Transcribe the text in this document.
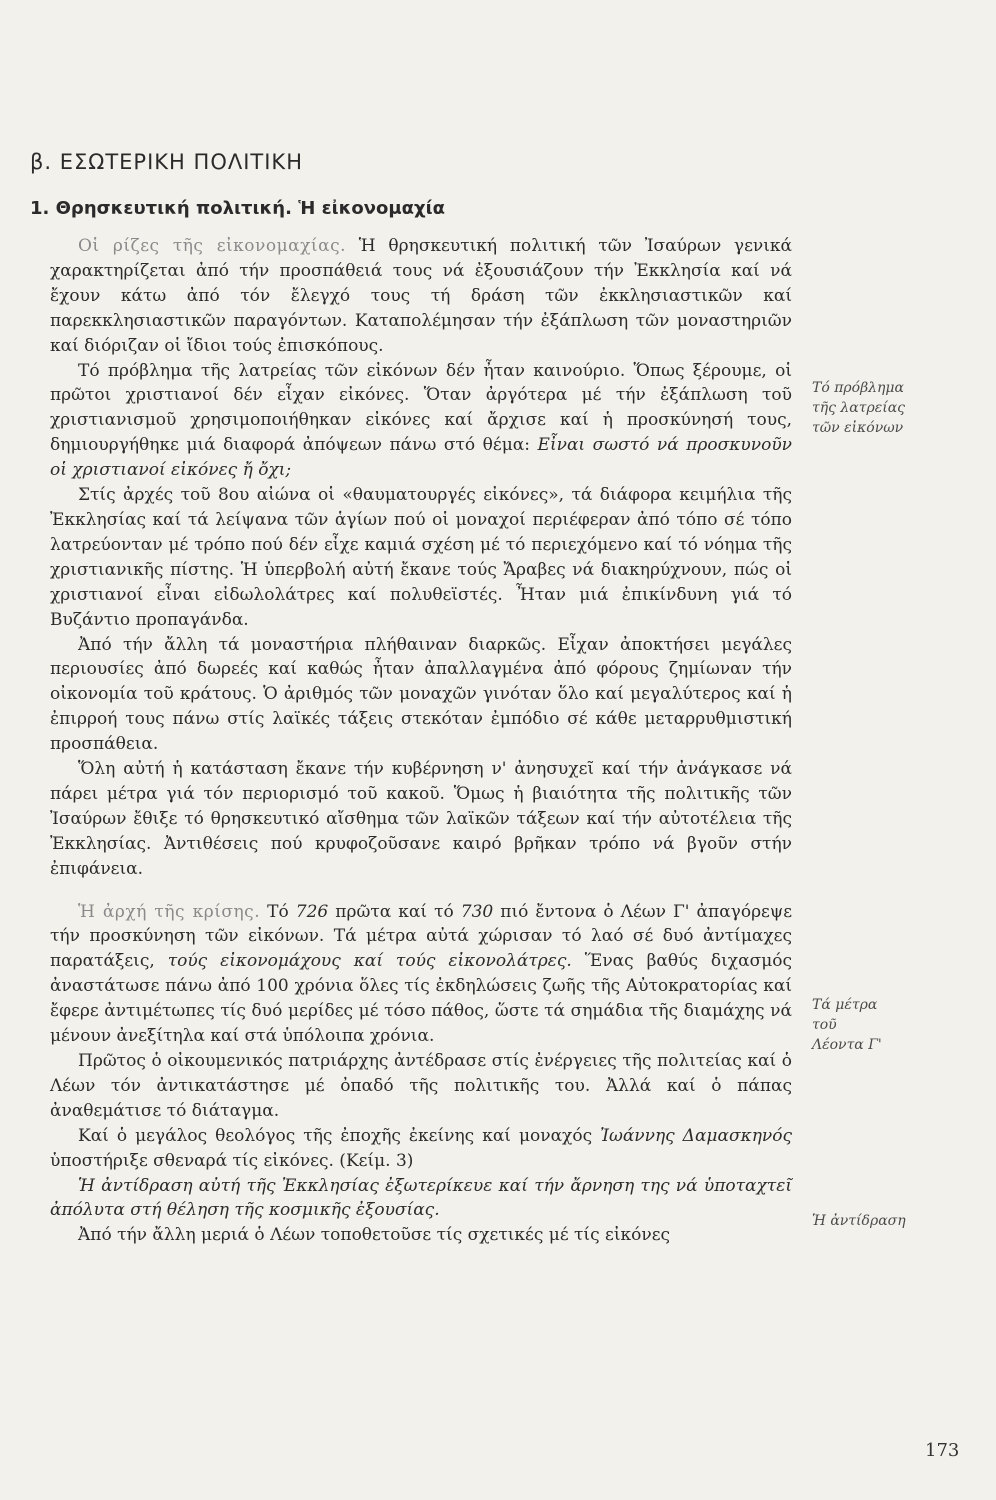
β. ΕΣΩΤΕΡΙΚΗ ΠΟΛΙΤΙΚΗ
1. Θρησκευτική πολιτική. Ἡ εἰκονομαχία

Οἱ ρίζες τῆς εἰκονομαχίας. Ἡ θρησκευτική πολιτική τῶν Ἰσαύρων γενικά χαρακτηρίζεται ἀπό τήν προσπάθειά τους νά ἐξουσιάζουν τήν Ἐκκλησία καί νά ἔχουν κάτω ἀπό τόν ἔλεγχό τους τή δράση τῶν ἐκκλησιαστικῶν καί παρεκκλησιαστικῶν παραγόντων. Καταπολέμησαν τήν ἐξάπλωση τῶν μοναστηριῶν καί διόριζαν οἱ ἴδιοι τούς ἐπισκόπους.

Τό πρόβλημα τῆς λατρείας τῶν εἰκόνων δέν ἦταν καινούριο. Ὅπως ξέρουμε, οἱ πρῶτοι χριστιανοί δέν εἶχαν εἰκόνες. Ὅταν ἀργότερα μέ τήν ἐξάπλωση τοῦ χριστιανισμοῦ χρησιμοποιήθηκαν εἰκόνες καί ἄρχισε καί ἡ προσκύνησή τους, δημιουργήθηκε μιά διαφορά ἀπόψεων πάνω στό θέμα: Εἶναι σωστό νά προσκυνοῦν οἱ χριστιανοί εἰκόνες ἤ ὄχι;

Στίς ἀρχές τοῦ 8ου αἰώνα οἱ «θαυματουργές εἰκόνες», τά διάφορα κειμήλια τῆς Ἐκκλησίας καί τά λείψανα τῶν ἁγίων πού οἱ μοναχοί περιέφεραν ἀπό τόπο σέ τόπο λατρεύονταν μέ τρόπο πού δέν εἶχε καμιά σχέση μέ τό περιεχόμενο καί τό νόημα τῆς χριστιανικῆς πίστης. Ἡ ὑπερβολή αὐτή ἔκανε τούς Ἄραβες νά διακηρύχνουν, πώς οἱ χριστιανοί εἶναι εἰδωλολάτρες καί πολυθεϊστές. Ἦταν μιά ἐπικίνδυνη γιά τό Βυζάντιο προπαγάνδα.

Ἀπό τήν ἄλλη τά μοναστήρια πλήθαιναν διαρκῶς. Εἶχαν ἀποκτήσει μεγάλες περιουσίες ἀπό δωρεές καί καθώς ἦταν ἀπαλλαγμένα ἀπό φόρους ζημίωναν τήν οἰκονομία τοῦ κράτους. Ὁ ἀριθμός τῶν μοναχῶν γινόταν ὅλο καί μεγαλύτερος καί ἡ ἐπιρροή τους πάνω στίς λαϊκές τάξεις στεκόταν ἐμπόδιο σέ κάθε μεταρρυθμιστική προσπάθεια.

Ὅλη αὐτή ἡ κατάσταση ἔκανε τήν κυβέρνηση ν' ἀνησυχεῖ καί τήν ἀνάγκασε νά πάρει μέτρα γιά τόν περιορισμό τοῦ κακοῦ. Ὅμως ἡ βιαιότητα τῆς πολιτικῆς τῶν Ἰσαύρων ἔθιξε τό θρησκευτικό αἴσθημα τῶν λαϊκῶν τάξεων καί τήν αὐτοτέλεια τῆς Ἐκκλησίας. Ἀντιθέσεις πού κρυφοζοῦσανε καιρό βρῆκαν τρόπο νά βγοῦν στήν ἐπιφάνεια.

Ἡ ἀρχή τῆς κρίσης. Τό 726 πρῶτα καί τό 730 πιό ἔντονα ὁ Λέων Γ' ἀπαγόρεψε τήν προσκύνηση τῶν εἰκόνων. Τά μέτρα αὐτά χώρισαν τό λαό σέ δυό ἀντίμαχες παρατάξεις, τούς εἰκονομάχους καί τούς εἰκονολάτρες. Ἕνας βαθύς διχασμός ἀναστάτωσε πάνω ἀπό 100 χρόνια ὅλες τίς ἐκδηλώσεις ζωῆς τῆς Αὐτοκρατορίας καί ἔφερε ἀντιμέτωπες τίς δυό μερίδες μέ τόσο πάθος, ὥστε τά σημάδια τῆς διαμάχης νά μένουν ἀνεξίτηλα καί στά ὑπόλοιπα χρόνια.

Πρῶτος ὁ οἰκουμενικός πατριάρχης ἀντέδρασε στίς ἐνέργειες τῆς πολιτείας καί ὁ Λέων τόν ἀντικατάστησε μέ ὀπαδό τῆς πολιτικῆς του. Ἀλλά καί ὁ πάπας ἀναθεμάτισε τό διάταγμα.

Καί ὁ μεγάλος θεολόγος τῆς ἐποχῆς ἐκείνης καί μοναχός Ἰωάννης Δαμασκηνός ὑποστήριξε σθεναρά τίς εἰκόνες. (Κείμ. 3)

Ἡ ἀντίδραση αὐτή τῆς Ἐκκλησίας ἐξωτερίκευε καί τήν ἄρνηση της νά ὑποταχτεῖ ἀπόλυτα στή θέληση τῆς κοσμικῆς ἐξουσίας.

Ἀπό τήν ἄλλη μεριά ὁ Λέων τοποθετοῦσε τίς σχετικές μέ τίς εἰκόνες

Τό πρόβλημα
τῆς λατρείας
τῶν εἰκόνων
Τά μέτρα
τοῦ
Λέοντα Γ'
Ἡ ἀντίδραση
173
